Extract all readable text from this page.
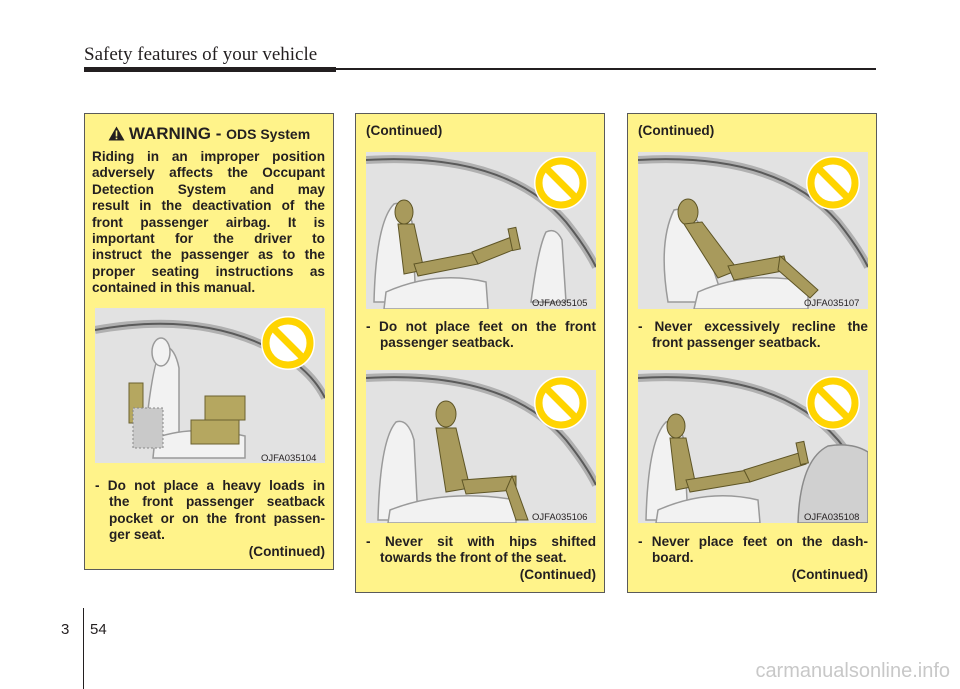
Safety features of your vehicle
WARNING - ODS System
Riding in an improper position
adversely affects the Occupant
Detection System and may
result in the deactivation of the
front passenger airbag. It is
important for the driver to
instruct the passenger as to the
proper seating instructions as
contained in this manual.
OJFA035104
- Do not place a heavy loads in
the front passenger seatback
pocket or on the front passen-
ger seat.
(Continued)
(Continued)
OJFA035105
- Do not place feet on the front
passenger seatback.
OJFA035106
- Never sit with hips shifted
towards the front of the seat.
(Continued)
(Continued)
OJFA035107
- Never excessively recline the
front passenger seatback.
OJFA035108
- Never place feet on the dash-
board.
(Continued)
3 54
carmanualsonline.info
